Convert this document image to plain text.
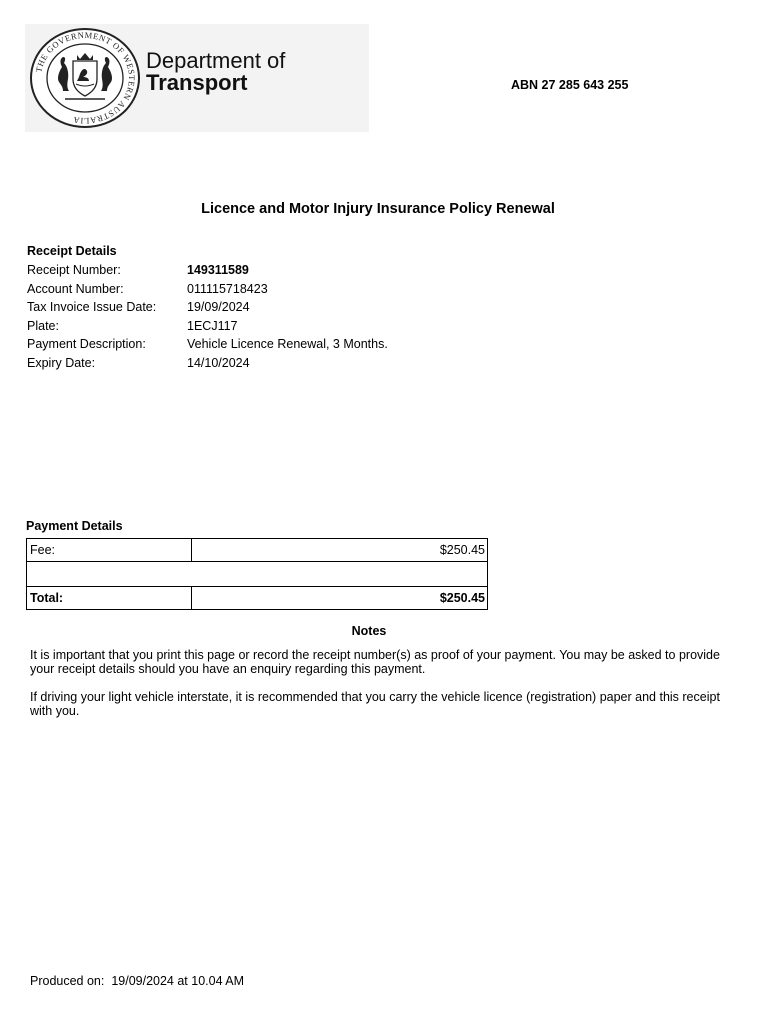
THE GOVERNMENT OF WESTERN AUSTRALIA
Department of
Transport	ABN 27 285 643 255
Licence and Motor Injury Insurance Policy Renewal
Receipt Details
Receipt Number:	149311589
Account Number:	011115718423
Tax Invoice Issue Date: 19/09/2024
Plate:	1ECJ117
Payment Description:	Vehicle Licence Renewal, 3 Months.
Expiry Date:	14/10/2024
Payment Details
Fee:	$250.45

Total:	$250.45
Notes
It is important that you print this page or record the receipt number(s) as proof of your payment. You may be asked to provide your receipt details should you have an enquiry regarding this payment.
If driving your light vehicle interstate, it is recommended that you carry the vehicle licence (registration) paper and this receipt with you.
Produced on: 19/09/2024 at 10.04 AM
